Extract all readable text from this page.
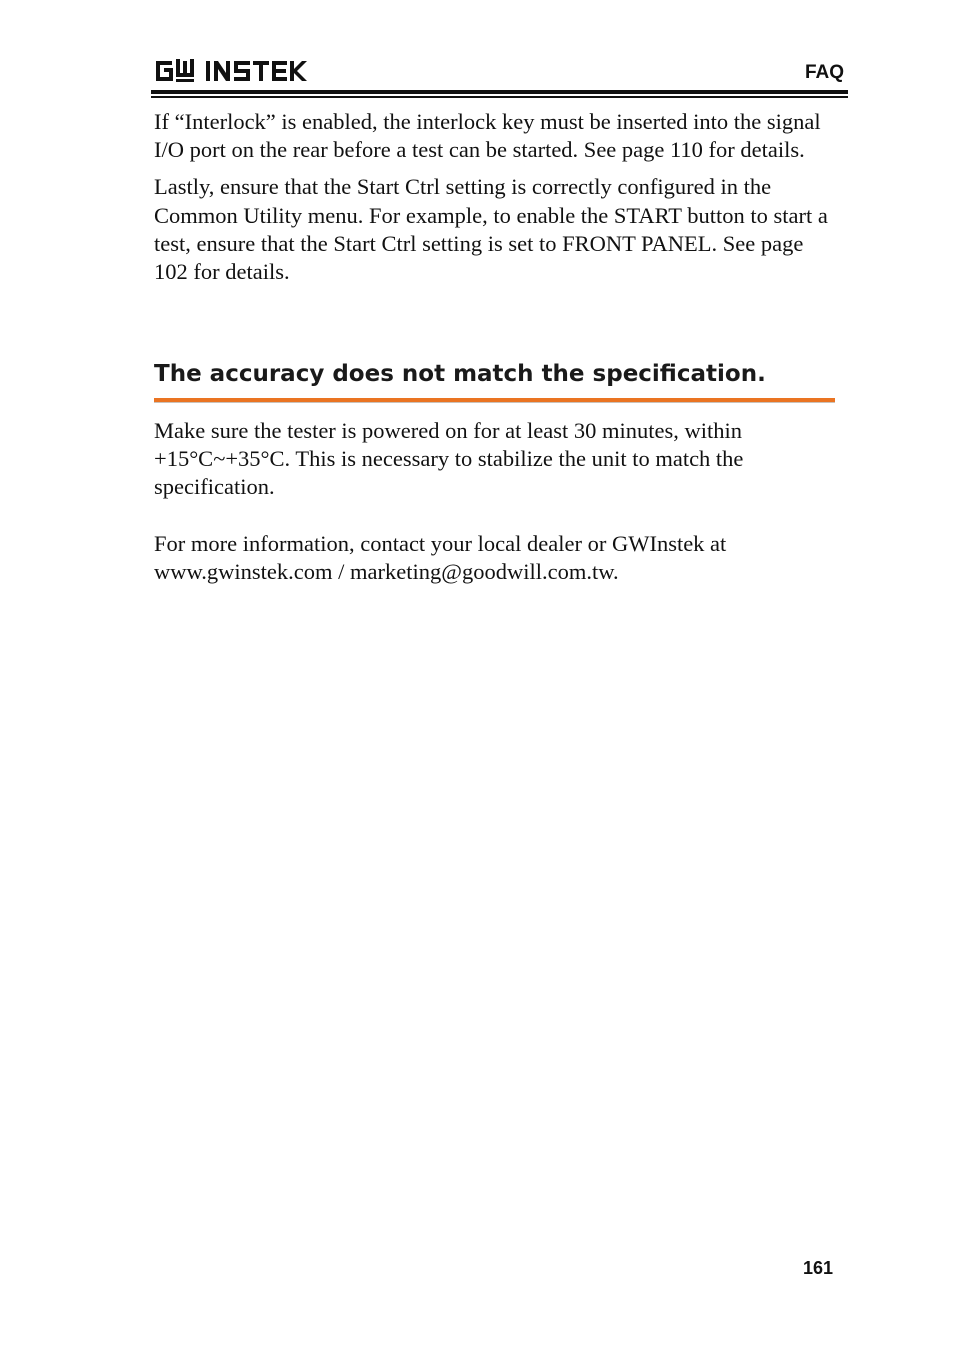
FAQ

If “Interlock” is enabled, the interlock key must be inserted into the signal I/O port on the rear before a test can be started. See page 110 for details.

Lastly, ensure that the Start Ctrl setting is correctly configured in the Common Utility menu. For example, to enable the START button to start a test, ensure that the Start Ctrl setting is set to FRONT PANEL. See page 102 for details.

The accuracy does not match the specification.

Make sure the tester is powered on for at least 30 minutes, within +15°C~+35°C. This is necessary to stabilize the unit to match the specification.

For more information, contact your local dealer or GWInstek at www.gwinstek.com / marketing@goodwill.com.tw.

161
